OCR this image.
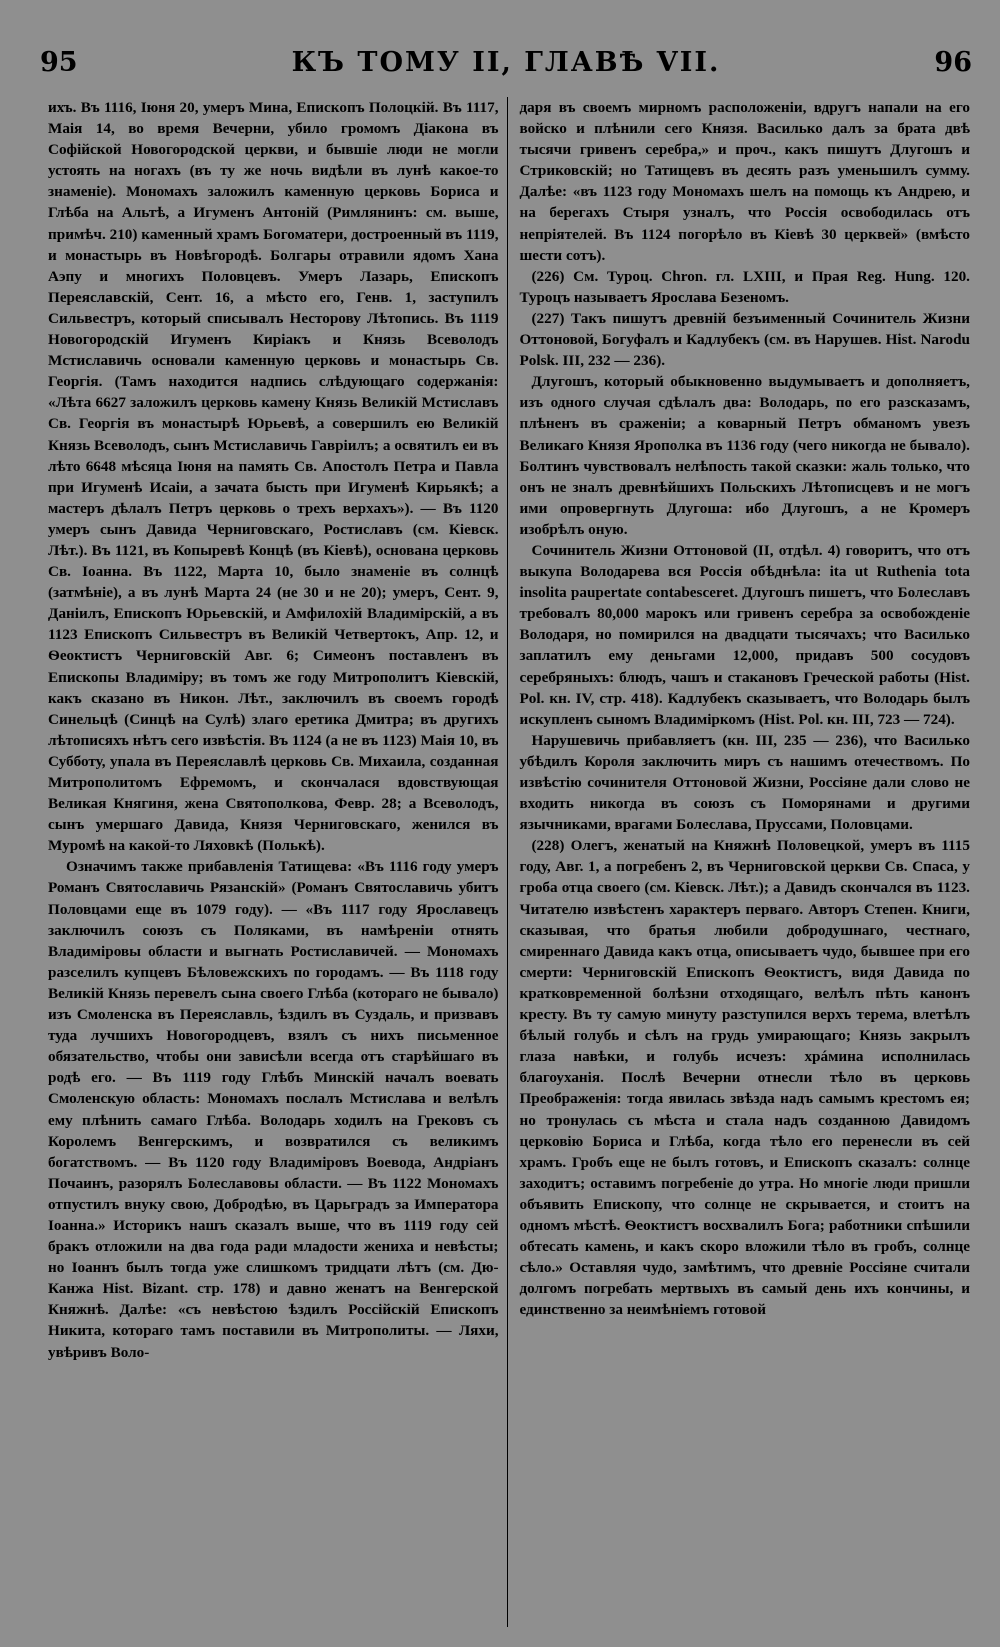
95	КЪ ТОМУ II, ГЛАВѢ VII.	96

ихъ. Въ 1116, Іюня 20, умеръ Мина, Епископъ Полоцкій. Въ 1117, Маія 14, во время Вечерни, убило громомъ Діакона въ Софійской Новогородской церкви, и бывшіе люди не могли устоять на ногахъ (въ ту же ночь видѣли въ лунѣ какое-то знаменіе). Мономахъ заложилъ каменную церковь Бориса и Глѣба на Альтѣ, а Игуменъ Антоній (Римлянинъ: см. выше, примѣч. 210) каменный храмъ Богоматери, достроенный въ 1119, и монастырь въ Новѣгородѣ. Болгары отравили ядомъ Хана Аэпу и многихъ Половцевъ. Умеръ Лазарь, Епископъ Переяславскій, Сент. 16, а мѣсто его, Генв. 1, заступилъ Сильвестръ, который списывалъ Несторову Лѣтопись. Въ 1119 Новогородскій Игуменъ Киріакъ и Князь Всеволодъ Мстиславичь основали каменную церковь и монастырь Св. Георгія. (Тамъ находится надпись слѣдующаго содержанія: «Лѣта 6627 заложилъ церковь камену Князь Великій Мстиславъ Св. Георгія въ монастырѣ Юрьевѣ, а совершилъ ею Великій Князь Всеволодъ, сынъ Мстиславичь Гавріилъ; а освятилъ еи въ лѣто 6648 мѣсяца Іюня на память Св. Апостолъ Петра и Павла при Игуменѣ Исаіи, а зачата бысть при Игуменѣ Кирьякѣ; а мастеръ дѣлалъ Петръ церковь о трехъ верхахъ»). — Въ 1120 умеръ сынъ Давида Черниговскаго, Ростиславъ (см. Кіевск. Лѣт.). Въ 1121, въ Копыревѣ Концѣ (въ Кіевѣ), основана церковь Св. Іоанна. Въ 1122, Марта 10, было знаменіе въ солнцѣ (затмѣніе), а въ лунѣ Марта 24 (не 30 и не 20); умеръ, Сент. 9, Даніилъ, Епископъ Юрьевскій, и Амфилохій Владимірскій, а въ 1123 Епископъ Сильвестръ въ Великій Четвертокъ, Апр. 12, и Ѳеоктистъ Черниговскій Авг. 6; Симеонъ поставленъ въ Епископы Владиміру; въ томъ же году Митрополитъ Кіевскій, какъ сказано въ Никон. Лѣт., заключилъ въ своемъ городѣ Синельцѣ (Синцѣ на Сулѣ) злаго еретика Дмитра; въ другихъ лѣтописяхъ нѣтъ сего извѣстія. Въ 1124 (а не въ 1123) Маія 10, въ Субботу, упала въ Переяславлѣ церковь Св. Михаила, созданная Митрополитомъ Ефремомъ, и скончалася вдовствующая Великая Княгиня, жена Святополкова, Февр. 28; а Всеволодъ, сынъ умершаго Давида, Князя Черниговскаго, женился въ Муромѣ на какой-то Ляховкѣ (Полькѣ).

Означимъ также прибавленія Татищева: «Въ 1116 году умеръ Романъ Святославичь Рязанскій» (Романъ Святославичь убитъ Половцами еще въ 1079 году). — «Въ 1117 году Ярославецъ заключилъ союзъ съ Поляками, въ намѣреніи отнять Владиміровы области и выгнать Ростиславичей. — Мономахъ разселилъ купцевъ Бѣловежскихъ по городамъ. — Въ 1118 году Великій Князь перевелъ сына своего Глѣба (котораго не бывало) изъ Смоленска въ Переяславль, ѣздилъ въ Суздаль, и призвавъ туда лучшихъ Новогородцевъ, взялъ съ нихъ письменное обязательство, чтобы они зависѣли всегда отъ старѣйшаго въ родѣ его. — Въ 1119 году Глѣбъ Минскій началъ воевать Смоленскую область: Мономахъ послалъ Мстислава и велѣлъ ему плѣнить самаго Глѣба. Володарь ходилъ на Грековъ съ Королемъ Венгерскимъ, и возвратился съ великимъ богатствомъ. — Въ 1120 году Владиміровъ Воевода, Андріанъ Почаинъ, разорялъ Болеславовы области. — Въ 1122 Мономахъ отпустилъ внуку свою, Добродѣю, въ Царьградъ за Императора Іоанна.» Историкъ нашъ сказалъ выше, что въ 1119 году сей бракъ отложили на два года ради младости жениха и невѣсты; но Іоаннъ былъ тогда уже слишкомъ тридцати лѣтъ (см. Дю-Канжа Hist. Bizant. стр. 178) и давно женатъ на Венгерской Княжнѣ. Далѣе: «съ невѣстою ѣздилъ Россійскій Епископъ Никита, котораго тамъ поставили въ Митрополиты. — Ляхи, увѣривъ Воло-

даря въ своемъ мирномъ расположеніи, вдругъ напали на его войско и плѣнили сего Князя. Василько далъ за брата двѣ тысячи гривенъ серебра,» и проч., какъ пишутъ Длугошъ и Стриковскій; но Татищевъ въ десять разъ уменьшилъ сумму. Далѣе: «въ 1123 году Мономахъ шелъ на помощь къ Андрею, и на берегахъ Стыря узналъ, что Россія освободилась отъ непріятелей. Въ 1124 погорѣло въ Кіевѣ 30 церквей» (вмѣсто шести сотъ).

(226) См. Туроц. Chron. гл. LXIII, и Прая Reg. Hung. 120. Туроцъ называетъ Ярослава Безеномъ.

(227) Такъ пишутъ древній безъименный Сочинитель Жизни Оттоновой, Богуфалъ и Кадлубекъ (см. въ Нарушев. Hist. Narodu Polsk. III, 232 — 236).

Длугошъ, который обыкновенно выдумываетъ и дополняетъ, изъ одного случая сдѣлалъ два: Володарь, по его разсказамъ, плѣненъ въ сраженіи; а коварный Петръ обманомъ увезъ Великаго Князя Ярополка въ 1136 году (чего никогда не бывало). Болтинъ чувствовалъ нелѣпость такой сказки: жаль только, что онъ не зналъ древнѣйшихъ Польскихъ Лѣтописцевъ и не могъ ими опровергнуть Длугоша: ибо Длугошъ, а не Кромеръ изобрѣлъ оную.

Сочинитель Жизни Оттоновой (II, отдѣл. 4) говоритъ, что отъ выкупа Володарева вся Россія обѣднѣла: ita ut Ruthenia tota insolita paupertate contabesceret. Длугошъ пишетъ, что Болеславъ требовалъ 80,000 марокъ или гривенъ серебра за освобожденіе Володаря, но помирился на двадцати тысячахъ; что Василько заплатилъ ему деньгами 12,000, придавъ 500 сосудовъ серебряныхъ: блюдъ, чашъ и стакановъ Греческой работы (Hist. Pol. кн. IV, стр. 418). Кадлубекъ сказываетъ, что Володарь былъ искупленъ сыномъ Владиміркомъ (Hist. Pol. кн. III, 723 — 724).

Нарушевичь прибавляетъ (кн. III, 235 — 236), что Василько убѣдилъ Короля заключить миръ съ нашимъ отечествомъ. По извѣстію сочинителя Оттоновой Жизни, Россіяне дали слово не входить никогда въ союзъ съ Поморянами и другими язычниками, врагами Болеслава, Пруссами, Половцами.

(228) Олегъ, женатый на Княжнѣ Половецкой, умеръ въ 1115 году, Авг. 1, а погребенъ 2, въ Черниговской церкви Св. Спаса, у гроба отца своего (см. Кіевск. Лѣт.); а Давидъ скончался въ 1123. Читателю извѣстенъ характеръ перваго. Авторъ Степен. Книги, сказывая, что братья любили добродушнаго, честнаго, смиреннаго Давида какъ отца, описываетъ чудо, бывшее при его смерти: Черниговскій Епископъ Ѳеоктистъ, видя Давида по кратковременной болѣзни отходящаго, велѣлъ пѣть канонъ кресту. Въ ту самую минуту разступился верхъ терема, влетѣлъ бѣлый голубь и сѣлъ на грудь умирающаго; Князь закрылъ глаза навѣки, и голубь исчезъ: хрáмина исполнилась благоуханія. Послѣ Вечерни отнесли тѣло въ церковь Преображенія: тогда явилась звѣзда надъ самымъ крестомъ ея; но тронулась съ мѣста и стала надъ созданною Давидомъ церковію Бориса и Глѣба, когда тѣло его перенесли въ сей храмъ. Гробъ еще не былъ готовъ, и Епископъ сказалъ: солнце заходитъ; оставимъ погребеніе до утра. Но многіе люди пришли объявить Епископу, что солнце не скрывается, и стоитъ на одномъ мѣстѣ. Ѳеоктистъ восхвалилъ Бога; работники спѣшили обтесать камень, и какъ скоро вложили тѣло въ гробъ, солнце сѣло.» Оставляя чудо, замѣтимъ, что древніе Россіяне считали долгомъ погребать мертвыхъ въ самый день ихъ кончины, и единственно за неимѣніемъ готовой
